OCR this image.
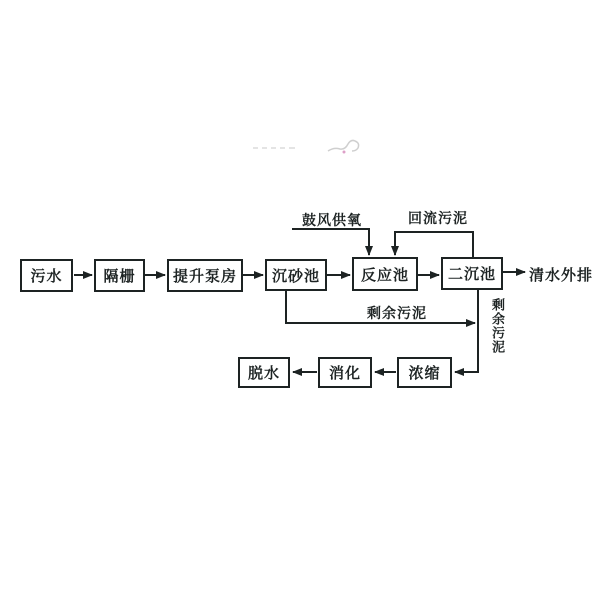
污水	隔栅	提升泵房	沉砂池	反应池	二沉池
浓缩
消化
脱水
鼓风供氧	回流污泥
剩余污泥	剩余污泥
清水外排
